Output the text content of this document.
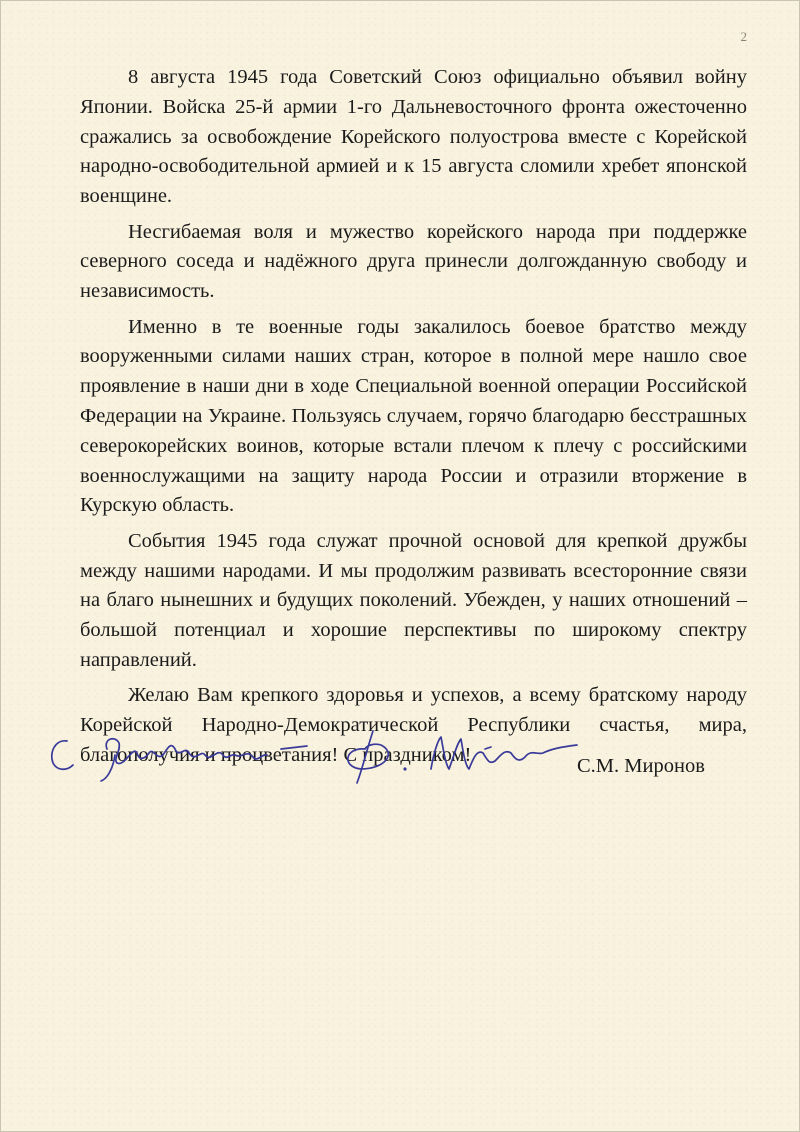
2

8 августа 1945 года Советский Союз официально объявил войну Японии. Войска 25-й армии 1-го Дальневосточного фронта ожесточенно сражались за освобождение Корейского полуострова вместе с Корейской народно-освободительной армией и к 15 августа сломили хребет японской военщине.

Несгибаемая воля и мужество корейского народа при поддержке северного соседа и надёжного друга принесли долгожданную свободу и независимость.

Именно в те военные годы закалилось боевое братство между вооруженными силами наших стран, которое в полной мере нашло свое проявление в наши дни в ходе Специальной военной операции Российской Федерации на Украине. Пользуясь случаем, горячо благодарю бесстрашных северокорейских воинов, которые встали плечом к плечу с российскими военнослужащими на защиту народа России и отразили вторжение в Курскую область.

События 1945 года служат прочной основой для крепкой дружбы между нашими народами. И мы продолжим развивать всесторонние связи на благо нынешних и будущих поколений. Убежден, у наших отношений – большой потенциал и хорошие перспективы по широкому спектру направлений.

Желаю Вам крепкого здоровья и успехов, а всему братскому народу Корейской Народно-Демократической Республики счастья, мира, благополучия и процветания! С праздником!

С.М. Миронов
